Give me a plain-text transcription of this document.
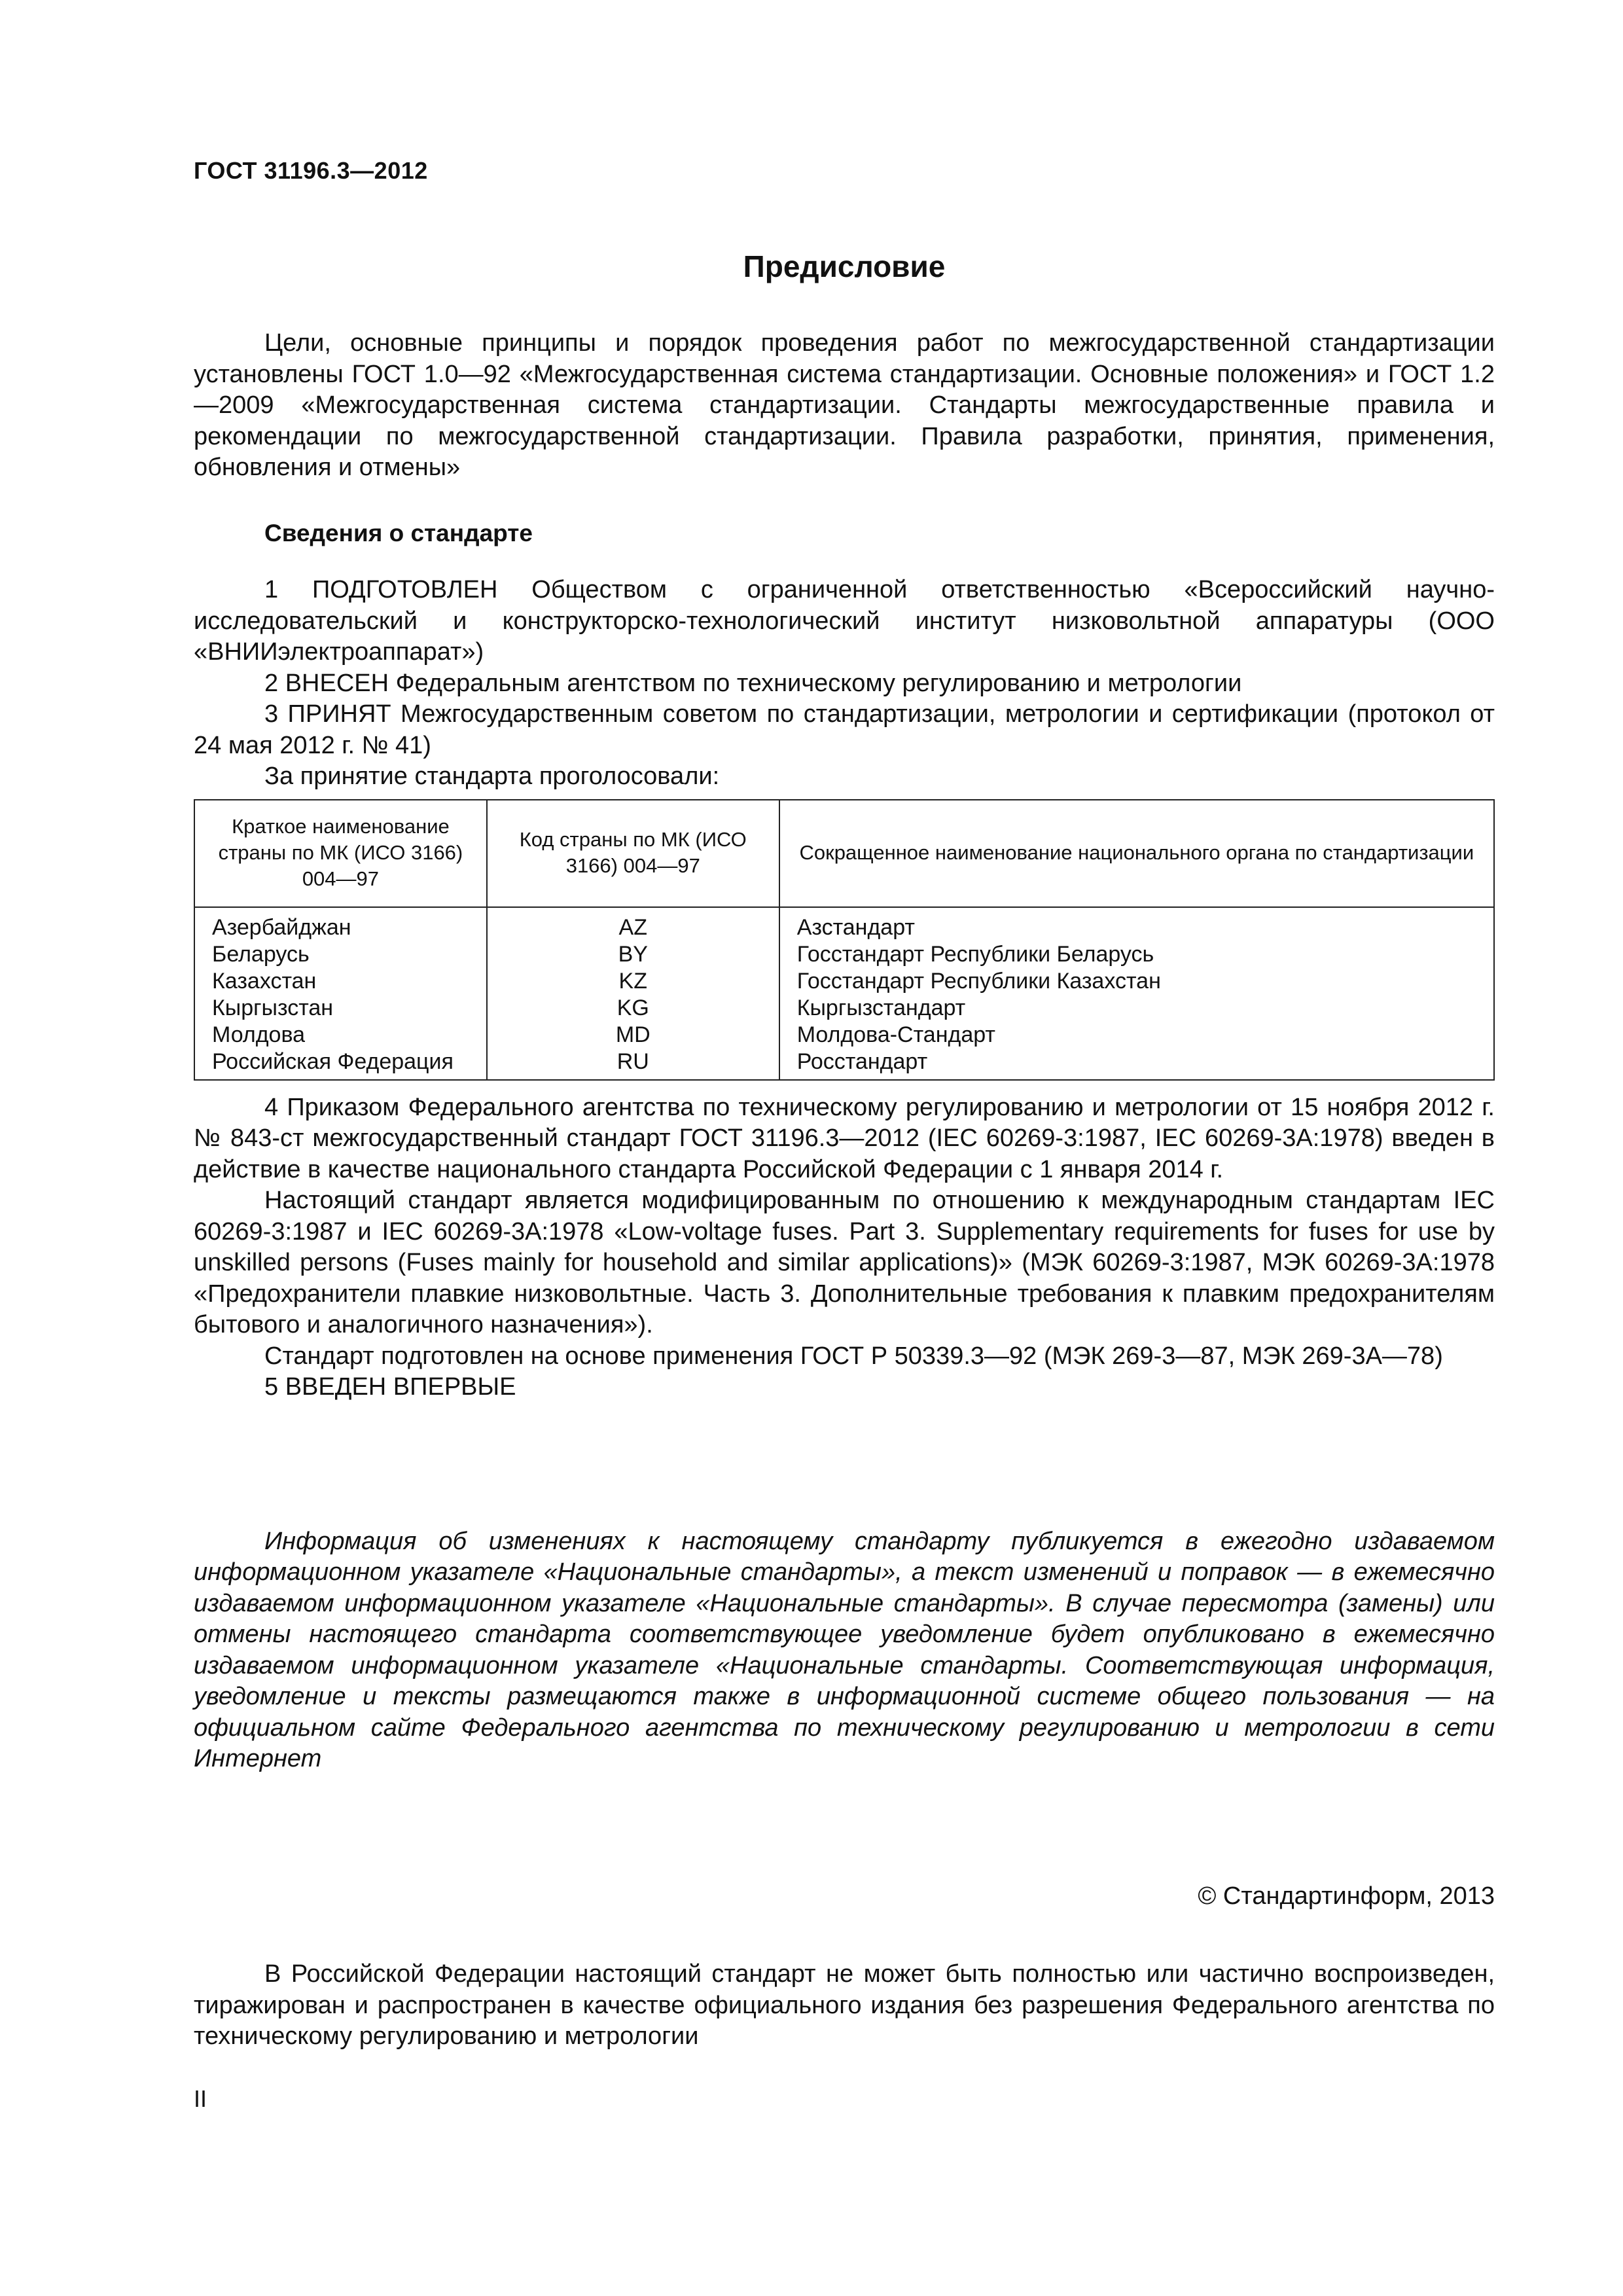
ГОСТ 31196.3—2012
Предисловие

Цели, основные принципы и порядок проведения работ по межгосударственной стандартизации установлены ГОСТ 1.0—92 «Межгосударственная система стандартизации. Основные положения» и ГОСТ 1.2—2009 «Межгосударственная система стандартизации. Стандарты межгосударственные правила и рекомендации по межгосударственной стандартизации. Правила разработки, принятия, применения, обновления и отмены»

Сведения о стандарте

1 ПОДГОТОВЛЕН Обществом с ограниченной ответственностью «Всероссийский научно-исследовательский и конструкторско-технологический институт низковольтной аппаратуры (ООО «ВНИИэлектроаппарат»)

2 ВНЕСЕН Федеральным агентством по техническому регулированию и метрологии

3 ПРИНЯТ Межгосударственным советом по стандартизации, метрологии и сертификации (протокол от 24 мая 2012 г. № 41)

За принятие стандарта проголосовали:

Краткое наименование страны по МК (ИСО 3166) 004—97	Код страны по МК (ИСО 3166) 004—97	Сокращенное наименование национального органа по стандартизации
Азербайджан	AZ	Азстандарт
Беларусь	BY	Госстандарт Республики Беларусь
Казахстан	KZ	Госстандарт Республики Казахстан
Кыргызстан	KG	Кыргызстандарт
Молдова	MD	Молдова-Стандарт
Российская Федерация	RU	Росстандарт

4 Приказом Федерального агентства по техническому регулированию и метрологии от 15 ноября 2012 г. № 843-ст межгосударственный стандарт ГОСТ 31196.3—2012 (IEC 60269-3:1987, IEC 60269-3A:1978) введен в действие в качестве национального стандарта Российской Федерации с 1 января 2014 г.

Настоящий стандарт является модифицированным по отношению к международным стандартам IEC 60269-3:1987 и IEC 60269-3A:1978 «Low-voltage fuses. Part 3. Supplementary requirements for fuses for use by unskilled persons (Fuses mainly for household and similar applications)» (МЭК 60269-3:1987, МЭК 60269-3A:1978 «Предохранители плавкие низковольтные. Часть 3. Дополнительные требования к плавким предохранителям бытового и аналогичного назначения»).

Стандарт подготовлен на основе применения ГОСТ Р 50339.3—92 (МЭК 269-3—87, МЭК 269-3А—78)

5 ВВЕДЕН ВПЕРВЫЕ

Информация об изменениях к настоящему стандарту публикуется в ежегодно издаваемом информационном указателе «Национальные стандарты», а текст изменений и поправок — в ежемесячно издаваемом информационном указателе «Национальные стандарты». В случае пересмотра (замены) или отмены настоящего стандарта соответствующее уведомление будет опубликовано в ежемесячно издаваемом информационном указателе «Национальные стандарты. Соответствующая информация, уведомление и тексты размещаются также в информационной системе общего пользования — на официальном сайте Федерального агентства по техническому регулированию и метрологии в сети Интернет

© Стандартинформ, 2013

В Российской Федерации настоящий стандарт не может быть полностью или частично воспроизведен, тиражирован и распространен в качестве официального издания без разрешения Федерального агентства по техническому регулированию и метрологии

II
